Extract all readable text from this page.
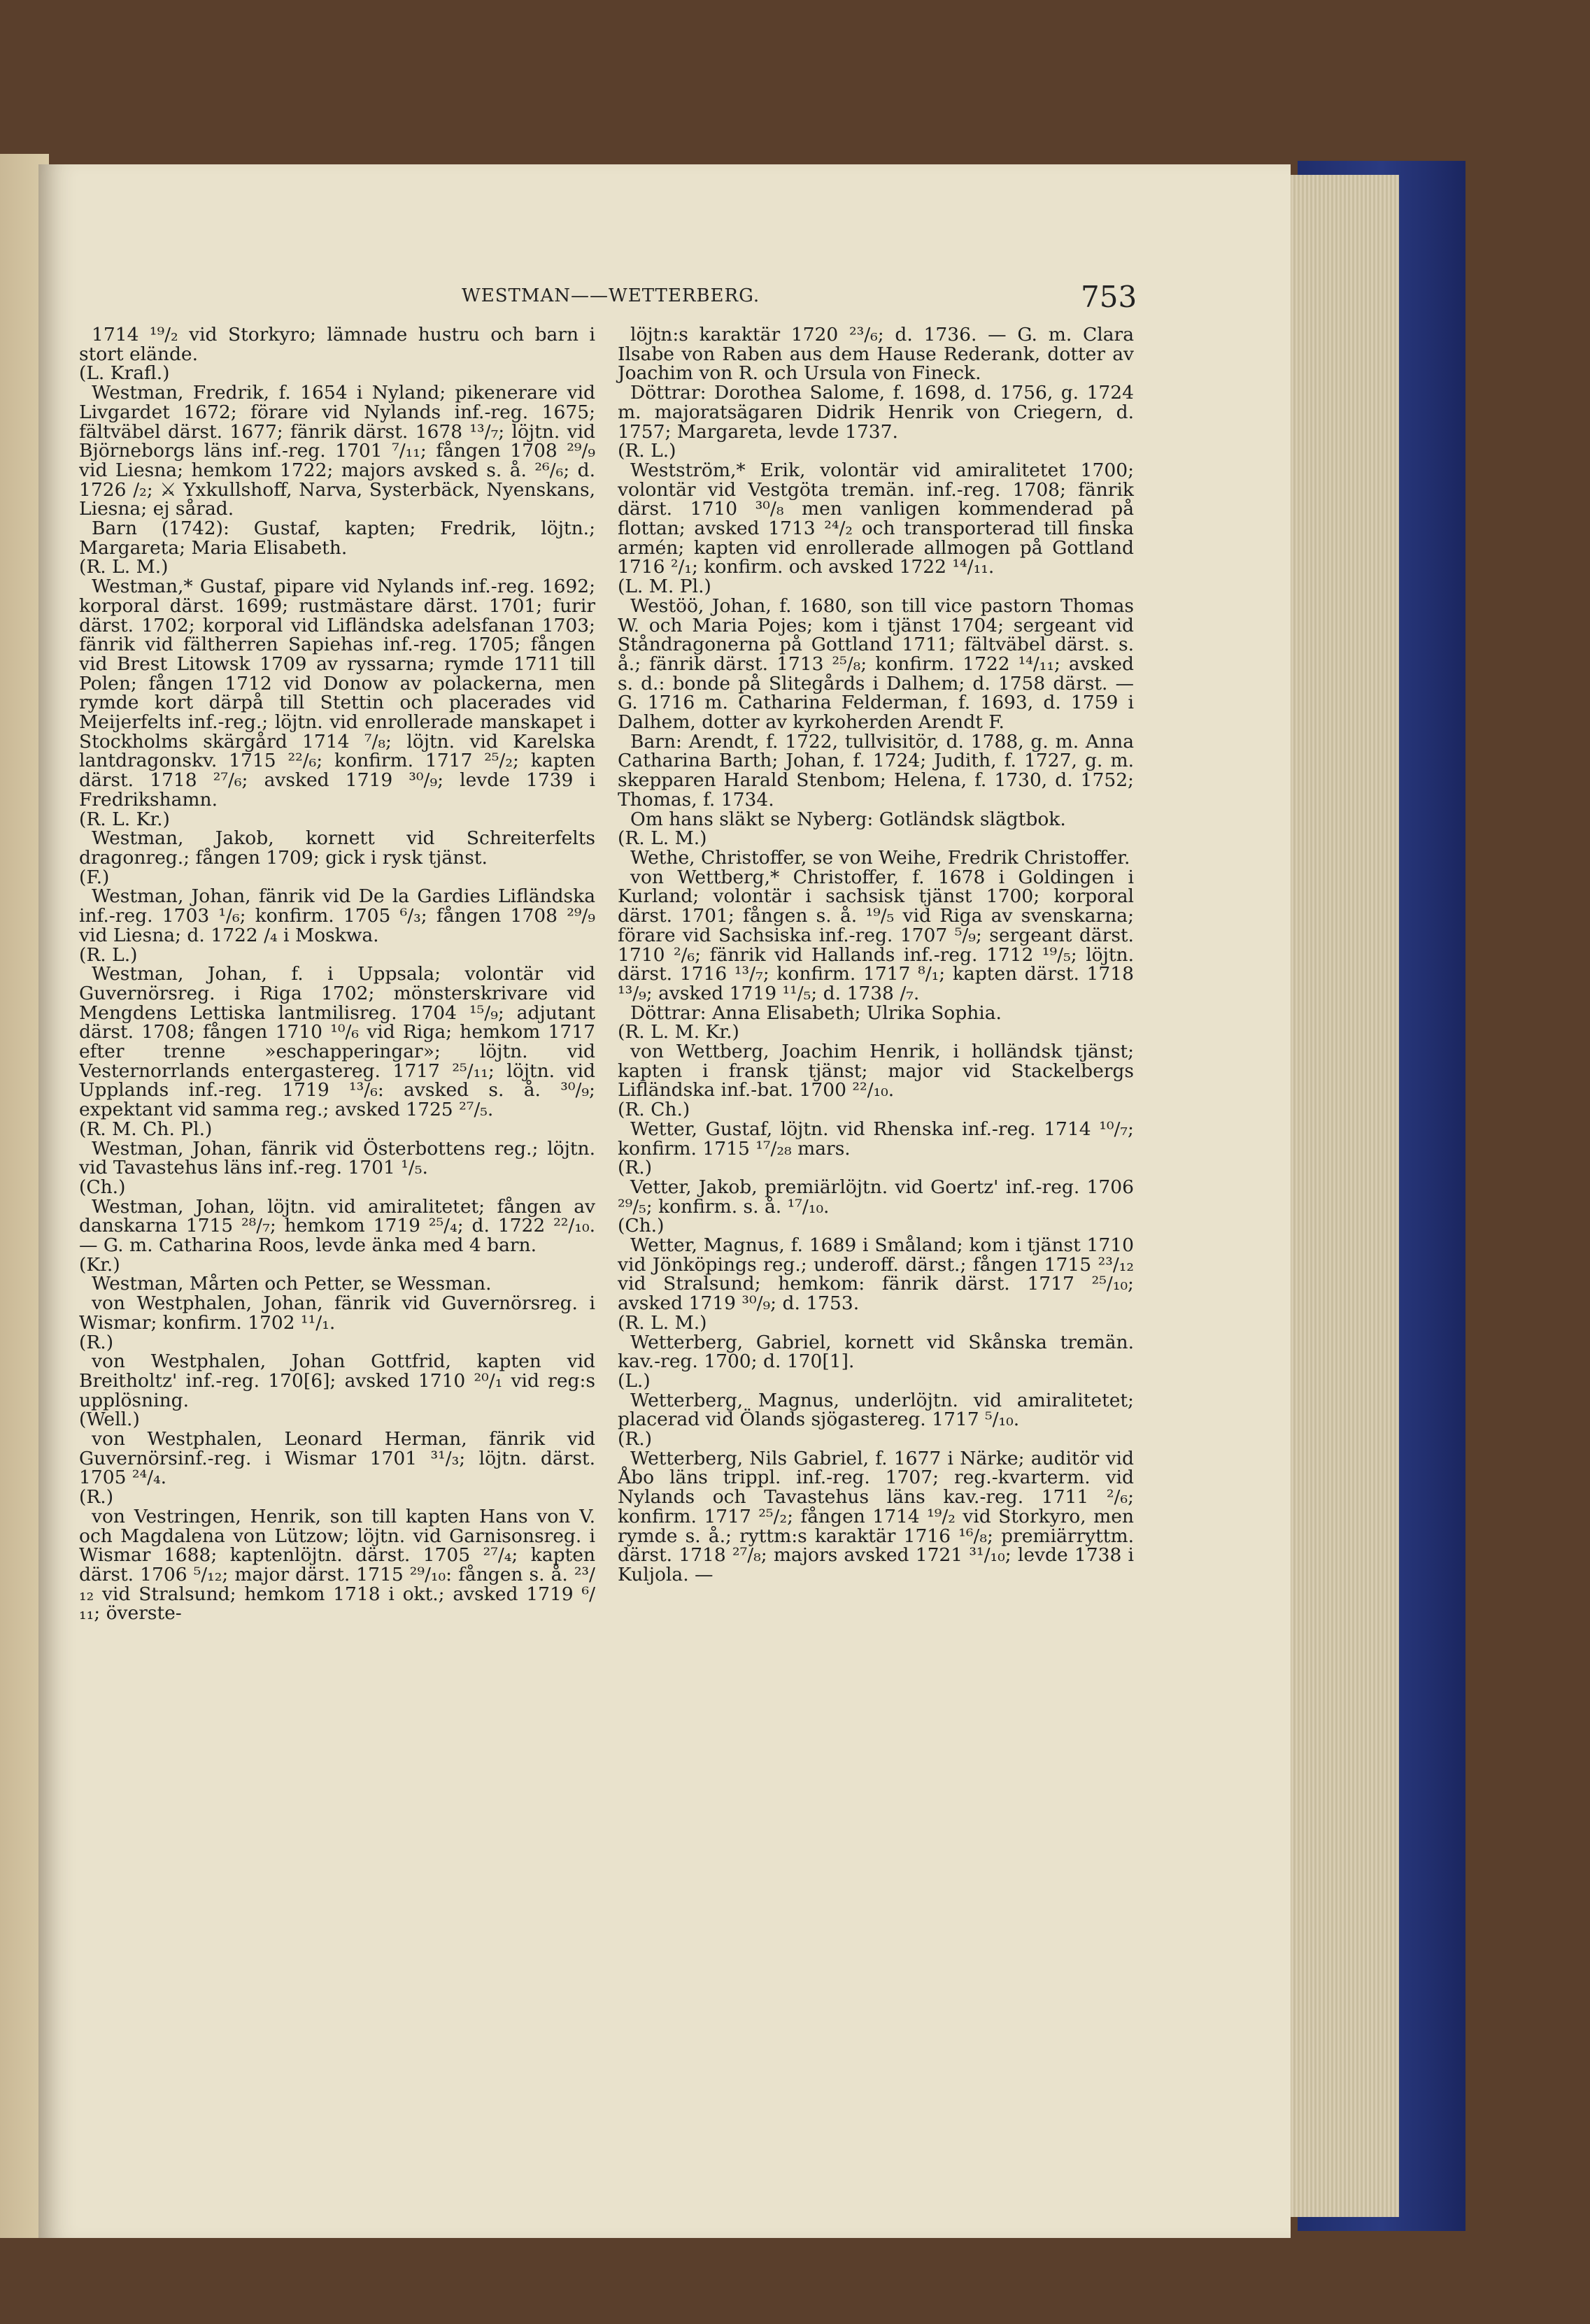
WESTMAN——WETTERBERG.	753

1714 ¹⁹/₂ vid Storkyro; lämnade hustru och barn i stort elände.

(L. Krafl.)

Westman, Fredrik, f. 1654 i Nyland; pikenerare vid Livgardet 1672; förare vid Nylands inf.-reg. 1675; fältväbel därst. 1677; fänrik därst. 1678 ¹³/₇; löjtn. vid Björneborgs läns inf.-reg. 1701 ⁷/₁₁; fången 1708 ²⁹/₉ vid Liesna; hemkom 1722; majors avsked s. å. ²⁶/₆; d. 1726 /₂; ⚔ Yxkullshoff, Narva, Systerbäck, Nyenskans, Liesna; ej sårad.

Barn (1742): Gustaf, kapten; Fredrik, löjtn.; Margareta; Maria Elisabeth.

(R. L. M.)

Westman,* Gustaf, pipare vid Nylands inf.-reg. 1692; korporal därst. 1699; rustmästare därst. 1701; furir därst. 1702; korporal vid Lifländska adelsfanan 1703; fänrik vid fältherren Sapiehas inf.-reg. 1705; fången vid Brest Litowsk 1709 av ryssarna; rymde 1711 till Polen; fången 1712 vid Donow av polackerna, men rymde kort därpå till Stettin och placerades vid Meijerfelts inf.-reg.; löjtn. vid enrollerade manskapet i Stockholms skärgård 1714 ⁷/₈; löjtn. vid Karelska lantdragonskv. 1715 ²²/₆; konfirm. 1717 ²⁵/₂; kapten därst. 1718 ²⁷/₆; avsked 1719 ³⁰/₉; levde 1739 i Fredrikshamn.

(R. L. Kr.)

Westman, Jakob, kornett vid Schreiterfelts dragonreg.; fången 1709; gick i rysk tjänst.

(F.)

Westman, Johan, fänrik vid De la Gardies Lifländska inf.-reg. 1703 ¹/₆; konfirm. 1705 ⁶/₃; fången 1708 ²⁹/₉ vid Liesna; d. 1722 /₄ i Moskwa.

(R. L.)

Westman, Johan, f. i Uppsala; volontär vid Guvernörsreg. i Riga 1702; mönsterskrivare vid Mengdens Lettiska lantmilisreg. 1704 ¹⁵/₉; adjutant därst. 1708; fången 1710 ¹⁰/₆ vid Riga; hemkom 1717 efter trenne »eschapperingar»; löjtn. vid Vesternorrlands entergastereg. 1717 ²⁵/₁₁; löjtn. vid Upplands inf.-reg. 1719 ¹³/₆: avsked s. å. ³⁰/₉; expektant vid samma reg.; avsked 1725 ²⁷/₅.

(R. M. Ch. Pl.)

Westman, Johan, fänrik vid Österbottens reg.; löjtn. vid Tavastehus läns inf.-reg. 1701 ¹/₅.

(Ch.)

Westman, Johan, löjtn. vid amiralitetet; fången av danskarna 1715 ²⁸/₇; hemkom 1719 ²⁵/₄; d. 1722 ²²/₁₀. — G. m. Catharina Roos, levde änka med 4 barn.

(Kr.)

Westman, Mårten och Petter, se Wessman.

von Westphalen, Johan, fänrik vid Guvernörsreg. i Wismar; konfirm. 1702 ¹¹/₁.

(R.)

von Westphalen, Johan Gottfrid, kapten vid Breitholtz' inf.-reg. 170[6]; avsked 1710 ²⁰/₁ vid reg:s upplösning.

(Well.)

von Westphalen, Leonard Herman, fänrik vid Guvernörsinf.-reg. i Wismar 1701 ³¹/₃; löjtn. därst. 1705 ²⁴/₄.

(R.)

von Vestringen, Henrik, son till kapten Hans von V. och Magdalena von Lützow; löjtn. vid Garnisonsreg. i Wismar 1688; kaptenlöjtn. därst. 1705 ²⁷/₄; kapten därst. 1706 ⁵/₁₂; major därst. 1715 ²⁹/₁₀: fången s. å. ²³/₁₂ vid Stralsund; hemkom 1718 i okt.; avsked 1719 ⁶/₁₁; överste-

löjtn:s karaktär 1720 ²³/₆; d. 1736. — G. m. Clara Ilsabe von Raben aus dem Hause Rederank, dotter av Joachim von R. och Ursula von Fineck.

Döttrar: Dorothea Salome, f. 1698, d. 1756, g. 1724 m. majoratsägaren Didrik Henrik von Criegern, d. 1757; Margareta, levde 1737.

(R. L.)

Westström,* Erik, volontär vid amiralitetet 1700; volontär vid Vestgöta tremän. inf.-reg. 1708; fänrik därst. 1710 ³⁰/₈ men vanligen kommenderad på flottan; avsked 1713 ²⁴/₂ och transporterad till finska armén; kapten vid enrollerade allmogen på Gottland 1716 ²/₁; konfirm. och avsked 1722 ¹⁴/₁₁.

(L. M. Pl.)

Westöö, Johan, f. 1680, son till vice pastorn Thomas W. och Maria Pojes; kom i tjänst 1704; sergeant vid Ståndragonerna på Gottland 1711; fältväbel därst. s. å.; fänrik därst. 1713 ²⁵/₈; konfirm. 1722 ¹⁴/₁₁; avsked s. d.: bonde på Slitegårds i Dalhem; d. 1758 därst. — G. 1716 m. Catharina Felderman, f. 1693, d. 1759 i Dalhem, dotter av kyrkoherden Arendt F.

Barn: Arendt, f. 1722, tullvisitör, d. 1788, g. m. Anna Catharina Barth; Johan, f. 1724; Judith, f. 1727, g. m. skepparen Harald Stenbom; Helena, f. 1730, d. 1752; Thomas, f. 1734.

Om hans släkt se Nyberg: Gotländsk slägtbok.

(R. L. M.)

Wethe, Christoffer, se von Weihe, Fredrik Christoffer.

von Wettberg,* Christoffer, f. 1678 i Goldingen i Kurland; volontär i sachsisk tjänst 1700; korporal därst. 1701; fången s. å. ¹⁹/₅ vid Riga av svenskarna; förare vid Sachsiska inf.-reg. 1707 ⁵/₉; sergeant därst. 1710 ²/₆; fänrik vid Hallands inf.-reg. 1712 ¹⁹/₅; löjtn. därst. 1716 ¹³/₇; konfirm. 1717 ⁸/₁; kapten därst. 1718 ¹³/₉; avsked 1719 ¹¹/₅; d. 1738 /₇.

Döttrar: Anna Elisabeth; Ulrika Sophia.

(R. L. M. Kr.)

von Wettberg, Joachim Henrik, i holländsk tjänst; kapten i fransk tjänst; major vid Stackelbergs Lifländska inf.-bat. 1700 ²²/₁₀.

(R. Ch.)

Wetter, Gustaf, löjtn. vid Rhenska inf.-reg. 1714 ¹⁰/₇; konfirm. 1715 ¹⁷/₂₈ mars.

(R.)

Vetter, Jakob, premiärlöjtn. vid Goertz' inf.-reg. 1706 ²⁹/₅; konfirm. s. å. ¹⁷/₁₀.

(Ch.)

Wetter, Magnus, f. 1689 i Småland; kom i tjänst 1710 vid Jönköpings reg.; underoff. därst.; fången 1715 ²³/₁₂ vid Stralsund; hemkom: fänrik därst. 1717 ²⁵/₁₀; avsked 1719 ³⁰/₉; d. 1753.

(R. L. M.)

Wetterberg, Gabriel, kornett vid Skånska tremän. kav.-reg. 1700; d. 170[1].

(L.)

Wetterberg, Magnus, underlöjtn. vid amiralitetet; placerad vid Ölands sjögastereg. 1717 ⁵/₁₀.

(R.)

Wetterberg, Nils Gabriel, f. 1677 i Närke; auditör vid Åbo läns trippl. inf.-reg. 1707; reg.-kvarterm. vid Nylands och Tavastehus läns kav.-reg. 1711 ²/₆; konfirm. 1717 ²⁵/₂; fången 1714 ¹⁹/₂ vid Storkyro, men rymde s. å.; ryttm:s karaktär 1716 ¹⁶/₈; premiärryttm. därst. 1718 ²⁷/₈; majors avsked 1721 ³¹/₁₀; levde 1738 i Kuljola. —
